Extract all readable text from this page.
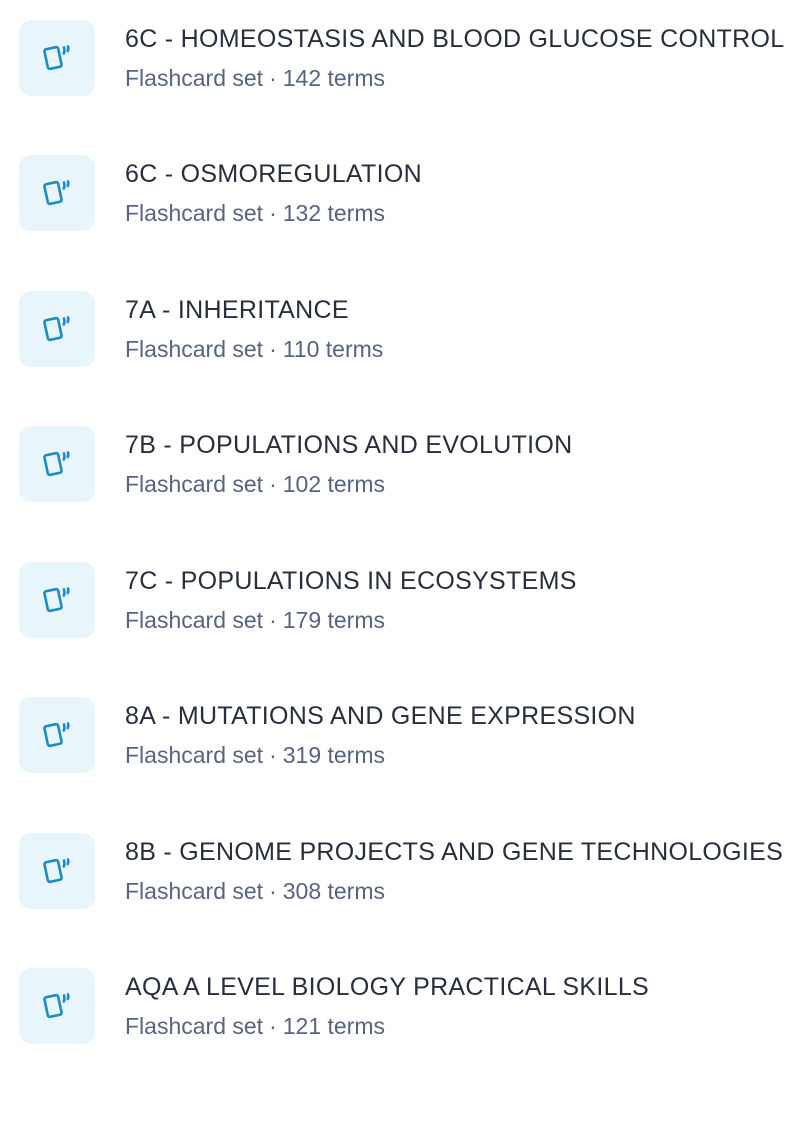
6C - HOMEOSTASIS AND BLOOD GLUCOSE CONTROL
Flashcard set · 142 terms
6C - OSMOREGULATION
Flashcard set · 132 terms
7A - INHERITANCE
Flashcard set · 110 terms
7B - POPULATIONS AND EVOLUTION
Flashcard set · 102 terms
7C - POPULATIONS IN ECOSYSTEMS
Flashcard set · 179 terms
8A - MUTATIONS AND GENE EXPRESSION
Flashcard set · 319 terms
8B - GENOME PROJECTS AND GENE TECHNOLOGIES
Flashcard set · 308 terms
AQA A LEVEL BIOLOGY PRACTICAL SKILLS
Flashcard set · 121 terms
